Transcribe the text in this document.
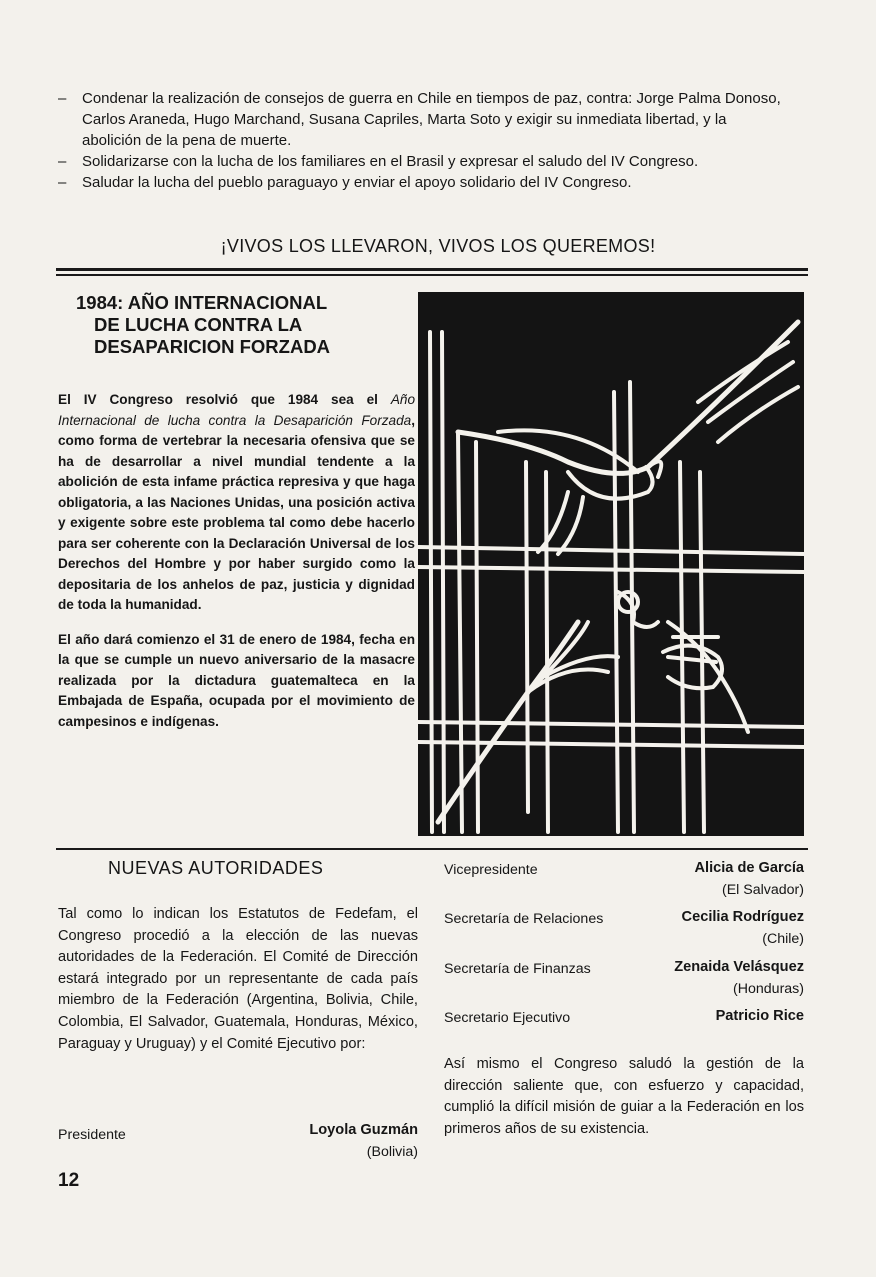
–	Condenar la realización de consejos de guerra en Chile en tiempos de paz, contra: Jorge Palma Donoso, Carlos Araneda, Hugo Marchand, Susana Capriles, Marta Soto y exigir su inmediata libertad, y la abolición de la pena de muerte.
–	Solidarizarse con la lucha de los familiares en el Brasil y expresar el saludo del IV Congreso.
–	Saludar la lucha del pueblo paraguayo y enviar el apoyo solidario del IV Congreso.
¡VIVOS LOS LLEVARON, VIVOS LOS QUEREMOS!
1984: AÑO INTERNACIONAL
DE LUCHA CONTRA LA
DESAPARICION FORZADA

El IV Congreso resolvió que 1984 sea el Año Internacional de lucha contra la Desaparición Forzada, como forma de vertebrar la necesaria ofensiva que se ha de desarrollar a nivel mundial tendente a la abolición de esta infame práctica represiva y que haga obligatoria, a las Naciones Unidas, una posición activa y exigente sobre este problema tal como debe hacerlo para ser coherente con la Declaración Universal de los Derechos del Hombre y por haber surgido como la depositaria de los anhelos de paz, justicia y dignidad de toda la humanidad.

El año dará comienzo el 31 de enero de 1984, fecha en la que se cumple un nuevo aniversario de la masacre realizada por la dictadura guatemalteca en la Embajada de España, ocupada por el movimiento de campesinos e indígenas.

NUEVAS AUTORIDADES
Tal como lo indican los Estatutos de Fedefam, el Congreso procedió a la elección de las nuevas autoridades de la Federación. El Comité de Dirección estará integrado por un representante de cada país miembro de la Federación (Argentina, Bolivia, Chile, Colombia, El Salvador, Guatemala, Honduras, México, Paraguay y Uruguay) y el Comité Ejecutivo por:
Presidente	Loyola Guzmán
(Bolivia)
Vicepresidente	Alicia de García
(El Salvador)
Secretaría de Relaciones	Cecilia Rodríguez
(Chile)
Secretaría de Finanzas	Zenaida Velásquez
(Honduras)
Secretario Ejecutivo	Patricio Rice
Así mismo el Congreso saludó la gestión de la dirección saliente que, con esfuerzo y capacidad, cumplió la difícil misión de guiar a la Federación en los primeros años de su existencia.
12
